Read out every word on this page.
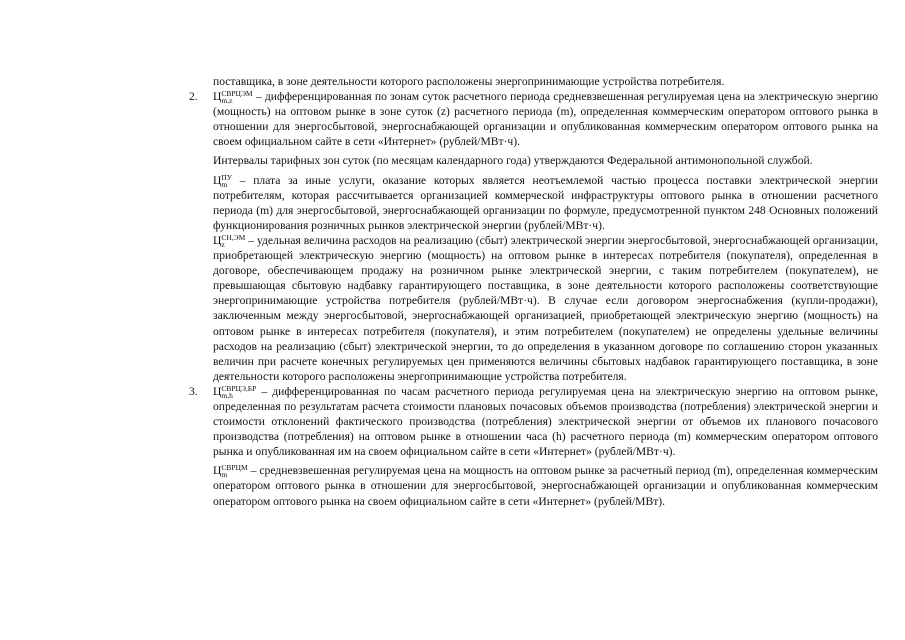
поставщика, в зоне деятельности которого расположены энергопринимающие устройства потребителя.

2. Ц СВРЦЭМ
m,z	– дифференцированная по зонам суток расчетного периода средневзвешенная регулируемая цена на электрическую энергию (мощность) на оптовом рынке в зоне суток (z) расчетного периода (m), определенная коммерческим оператором оптового рынка в отношении для энергосбытовой, энергоснабжающей организации и опубликованная коммерческим оператором оптового рынка на своем официальном сайте в сети «Интернет» (рублей/МВт·ч).

Интервалы тарифных зон суток (по месяцам календарного года) утверждаются Федеральной антимонопольной службой.

Ц ПУ
m – плата за иные услуги, оказание которых является неотъемлемой частью процесса поставки электрической энергии потребителям, которая рассчитывается организацией коммерческой инфраструктуры оптового рынка в отношении расчетного периода (m) для энергосбытовой, энергоснабжающей организации по формуле, предусмотренной пунктом 248 Основных положений функционирования розничных рынков электрической энергии (рублей/МВт·ч).

Ц СН,ЭМ
z	– удельная величина расходов на реализацию (сбыт) электрической энергии энергосбытовой, энергоснабжающей организации, приобретающей электрическую энергию (мощность) на оптовом рынке в интересах потребителя (покупателя), определенная в договоре, обеспечивающем продажу на розничном рынке электрической энергии, с таким потребителем (покупателем), не превышающая сбытовую надбавку гарантирующего поставщика, в зоне деятельности которого расположены соответствующие энергопринимающие устройства потребителя (рублей/МВт·ч). В случае если договором энергоснабжения (купли-продажи), заключенным между энергосбытовой, энергоснабжающей организацией, приобретающей электрическую энергию (мощность) на оптовом рынке в интересах потребителя (покупателя), и этим потребителем (покупателем) не определены удельные величины расходов на реализацию (сбыт) электрической энергии, то до определения в указанном договоре по соглашению сторон указанных величин при расчете конечных регулируемых цен применяются величины сбытовых надбавок гарантирующего поставщика, в зоне деятельности которого расположены энергопринимающие устройства потребителя.

3. Ц СВРЦЭ,БР
m,h	– дифференцированная по часам расчетного периода регулируемая цена на электрическую энергию на оптовом рынке, определенная по результатам расчета стоимости плановых почасовых объемов производства (потребления) электрической энергии и стоимости отклонений фактического производства (потребления) электрической энергии от объемов их планового почасового производства (потребления) на оптовом рынке в отношении часа (h) расчетного периода (m) коммерческим оператором оптового рынка и опубликованная им на своем официальном сайте в сети «Интернет» (рублей/МВт·ч).

Ц СВРЦМ
m	– средневзвешенная регулируемая цена на мощность на оптовом рынке за расчетный период (m), определенная коммерческим оператором оптового рынка в отношении для энергосбытовой, энергоснабжающей организации и опубликованная коммерческим оператором оптового рынка на своем официальном сайте в сети «Интернет» (рублей/МВт).
